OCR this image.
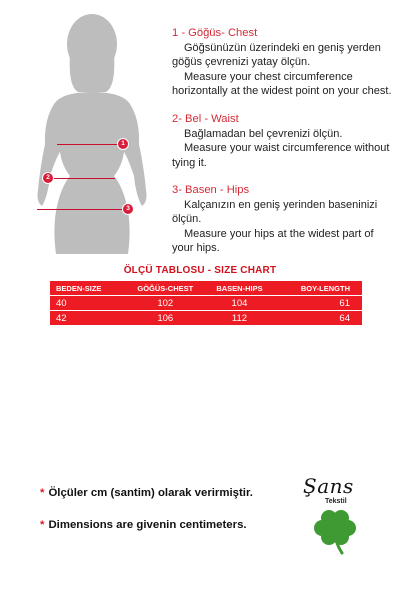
1
2
3
1 - Göğüs- Chest

Göğsünüzün üzerindeki en geniş yerden göğüs çevrenizi yatay ölçün.

Measure your chest circumference horizontally at the widest point on your chest.

2- Bel - Waist

Bağlamadan bel çevrenizi ölçün.

Measure your waist circumference without tying it.

3- Basen - Hips

Kalçanızın en geniş yerinden baseninizi ölçün.

Measure your hips at the widest part of your hips.

ÖLÇÜ TABLOSU - SIZE CHART
BEDEN-SIZE	GÖĞÜS-CHEST	BASEN-HIPS	BOY-LENGTH
40	102	104	61
42	106	112	64
* Ölçüler cm (santim) olarak verirmiştir.
* Dimensions are givenin centimeters.
Şans
Tekstil
